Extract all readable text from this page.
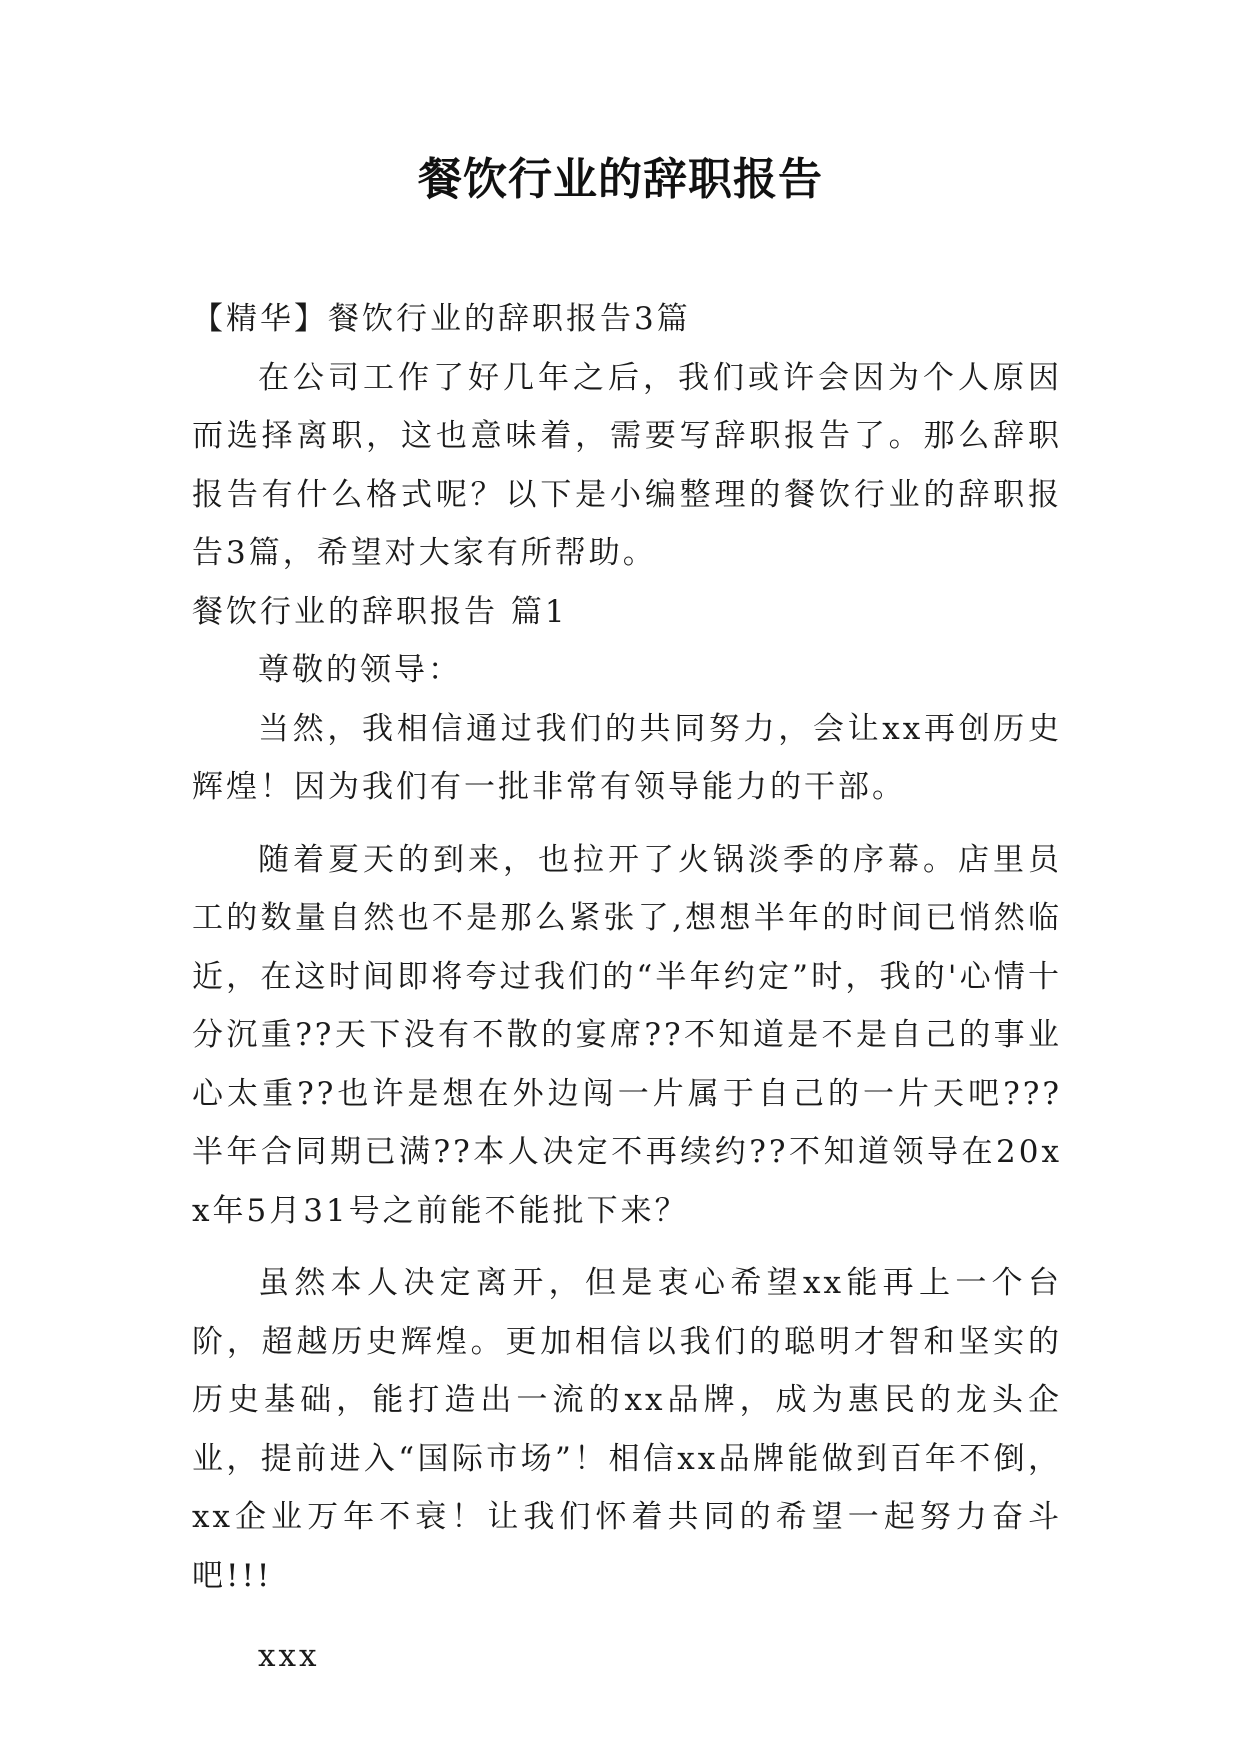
餐饮行业的辞职报告

【精华】餐饮行业的辞职报告3篇

在公司工作了好几年之后，我们或许会因为个人原因而选择离职，这也意味着，需要写辞职报告了。那么辞职报告有什么格式呢？以下是小编整理的餐饮行业的辞职报告3篇，希望对大家有所帮助。

餐饮行业的辞职报告 篇1

尊敬的领导：

当然，我相信通过我们的共同努力，会让xx再创历史辉煌！因为我们有一批非常有领导能力的干部。

随着夏天的到来，也拉开了火锅淡季的序幕。店里员工的数量自然也不是那么紧张了,想想半年的时间已悄然临近，在这时间即将夸过我们的“半年约定”时，我的'心情十分沉重??天下没有不散的宴席??不知道是不是自己的事业心太重??也许是想在外边闯一片属于自己的一片天吧??? 半年合同期已满??本人决定不再续约??不知道领导在20xx年5月31号之前能不能批下来？

虽然本人决定离开，但是衷心希望xx能再上一个台阶，超越历史辉煌。更加相信以我们的聪明才智和坚实的历史基础，能打造出一流的xx品牌，成为惠民的龙头企业，提前进入“国际市场”！相信xx品牌能做到百年不倒，xx企业万年不衰！让我们怀着共同的希望一起努力奋斗吧!!!

xxx
